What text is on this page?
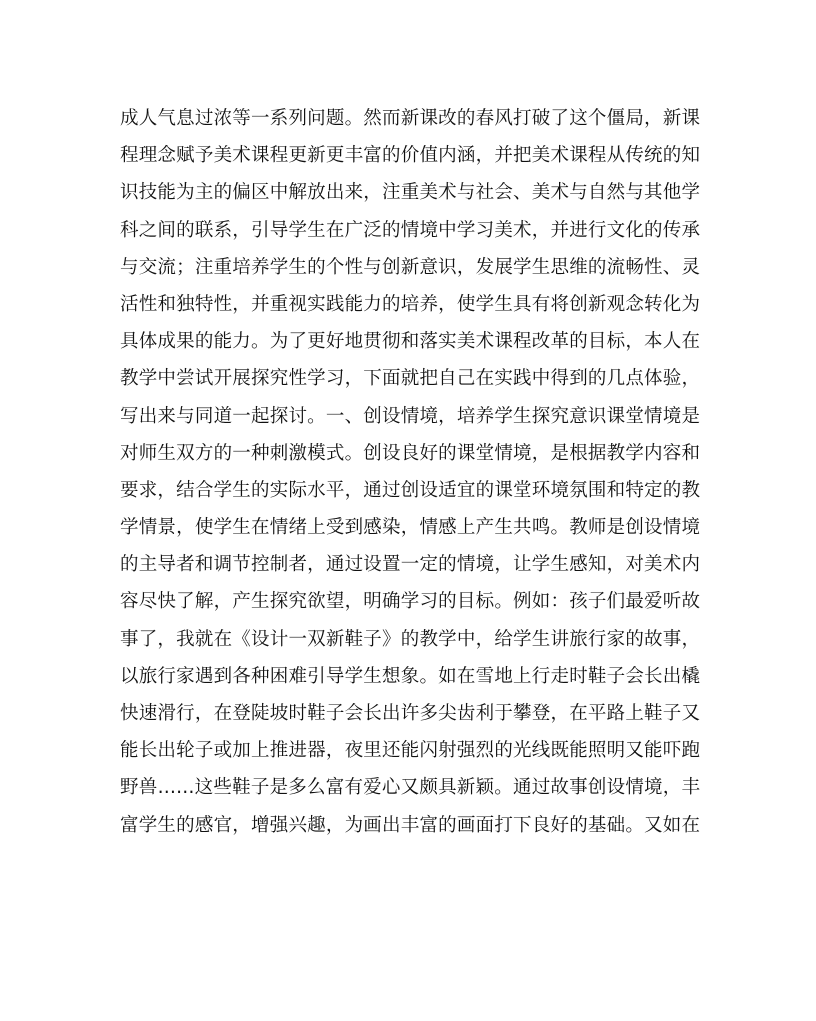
成人气息过浓等一系列问题。然而新课改的春风打破了这个僵局，新课
程理念赋予美术课程更新更丰富的价值内涵，并把美术课程从传统的知
识技能为主的偏区中解放出来，注重美术与社会、美术与自然与其他学
科之间的联系，引导学生在广泛的情境中学习美术，并进行文化的传承
与交流；注重培养学生的个性与创新意识，发展学生思维的流畅性、灵
活性和独特性，并重视实践能力的培养，使学生具有将创新观念转化为
具体成果的能力。为了更好地贯彻和落实美术课程改革的目标，本人在
教学中尝试开展探究性学习，下面就把自己在实践中得到的几点体验，
写出来与同道一起探讨。一、创设情境，培养学生探究意识课堂情境是
对师生双方的一种刺激模式。创设良好的课堂情境，是根据教学内容和
要求，结合学生的实际水平，通过创设适宜的课堂环境氛围和特定的教
学情景，使学生在情绪上受到感染，情感上产生共鸣。教师是创设情境
的主导者和调节控制者，通过设置一定的情境，让学生感知，对美术内
容尽快了解，产生探究欲望，明确学习的目标。例如：孩子们最爱听故
事了，我就在《设计一双新鞋子》的教学中，给学生讲旅行家的故事，
以旅行家遇到各种困难引导学生想象。如在雪地上行走时鞋子会长出橇
快速滑行，在登陡坡时鞋子会长出许多尖齿利于攀登，在平路上鞋子又
能长出轮子或加上推进器，夜里还能闪射强烈的光线既能照明又能吓跑
野兽……这些鞋子是多么富有爱心又颇具新颖。通过故事创设情境，丰
富学生的感官，增强兴趣，为画出丰富的画面打下良好的基础。又如在
